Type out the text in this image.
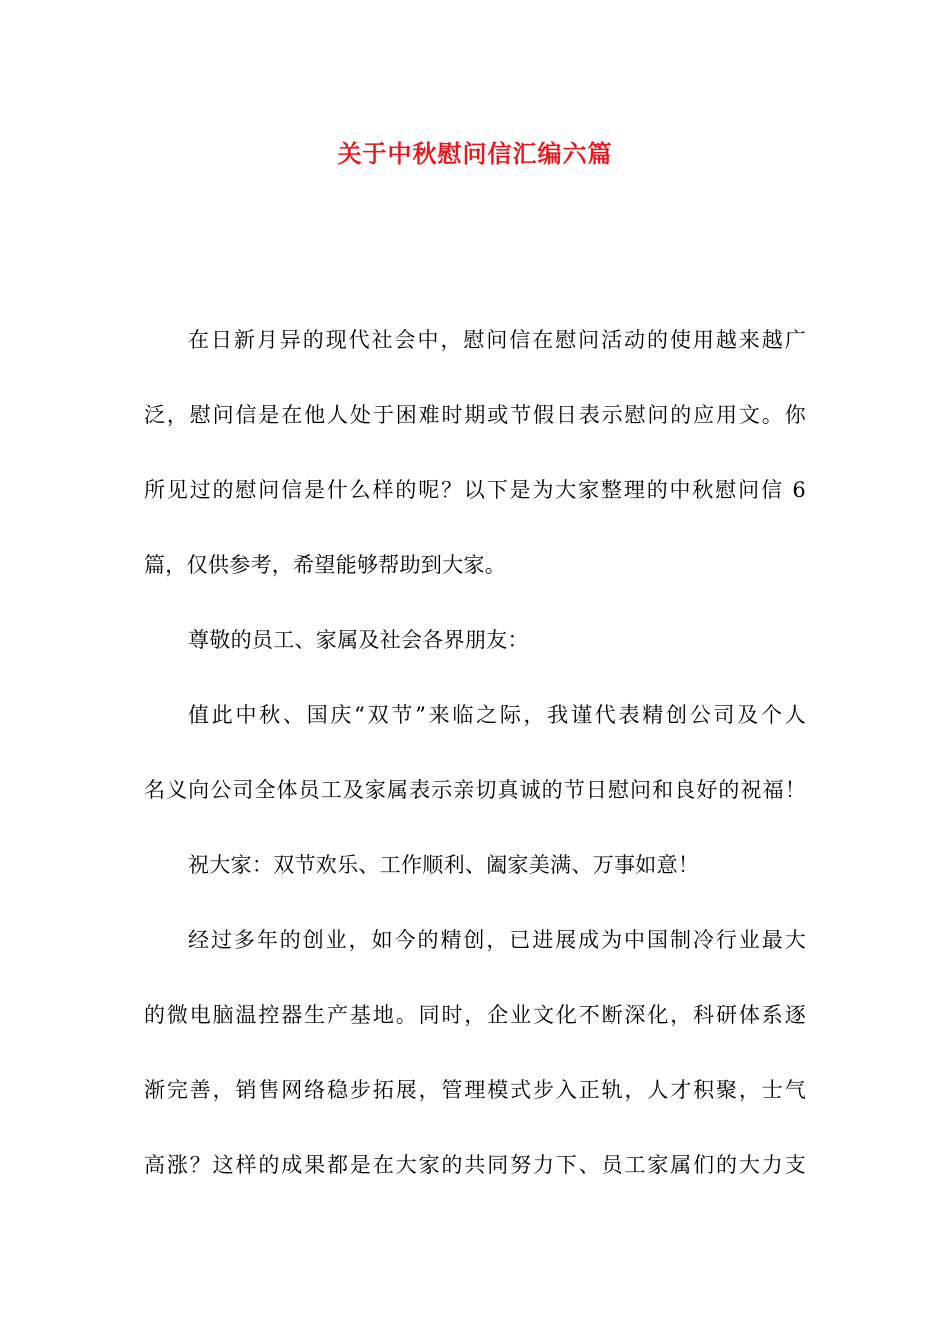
关于中秋慰问信汇编六篇
在日新月异的现代社会中，慰问信在慰问活动的使用越来越广
泛，慰问信是在他人处于困难时期或节假日表示慰问的应用文。你
所见过的慰问信是什么样的呢？以下是为大家整理的中秋慰问信 6
篇，仅供参考，希望能够帮助到大家。
尊敬的员工、家属及社会各界朋友：
值此中秋、国庆“双节”来临之际，我谨代表精创公司及个人
名义向公司全体员工及家属表示亲切真诚的节日慰问和良好的祝福！
祝大家：双节欢乐、工作顺利、阖家美满、万事如意！
经过多年的创业，如今的精创，已进展成为中国制冷行业最大
的微电脑温控器生产基地。同时，企业文化不断深化，科研体系逐
渐完善，销售网络稳步拓展，管理模式步入正轨，人才积聚，士气
高涨？这样的成果都是在大家的共同努力下、员工家属们的大力支
